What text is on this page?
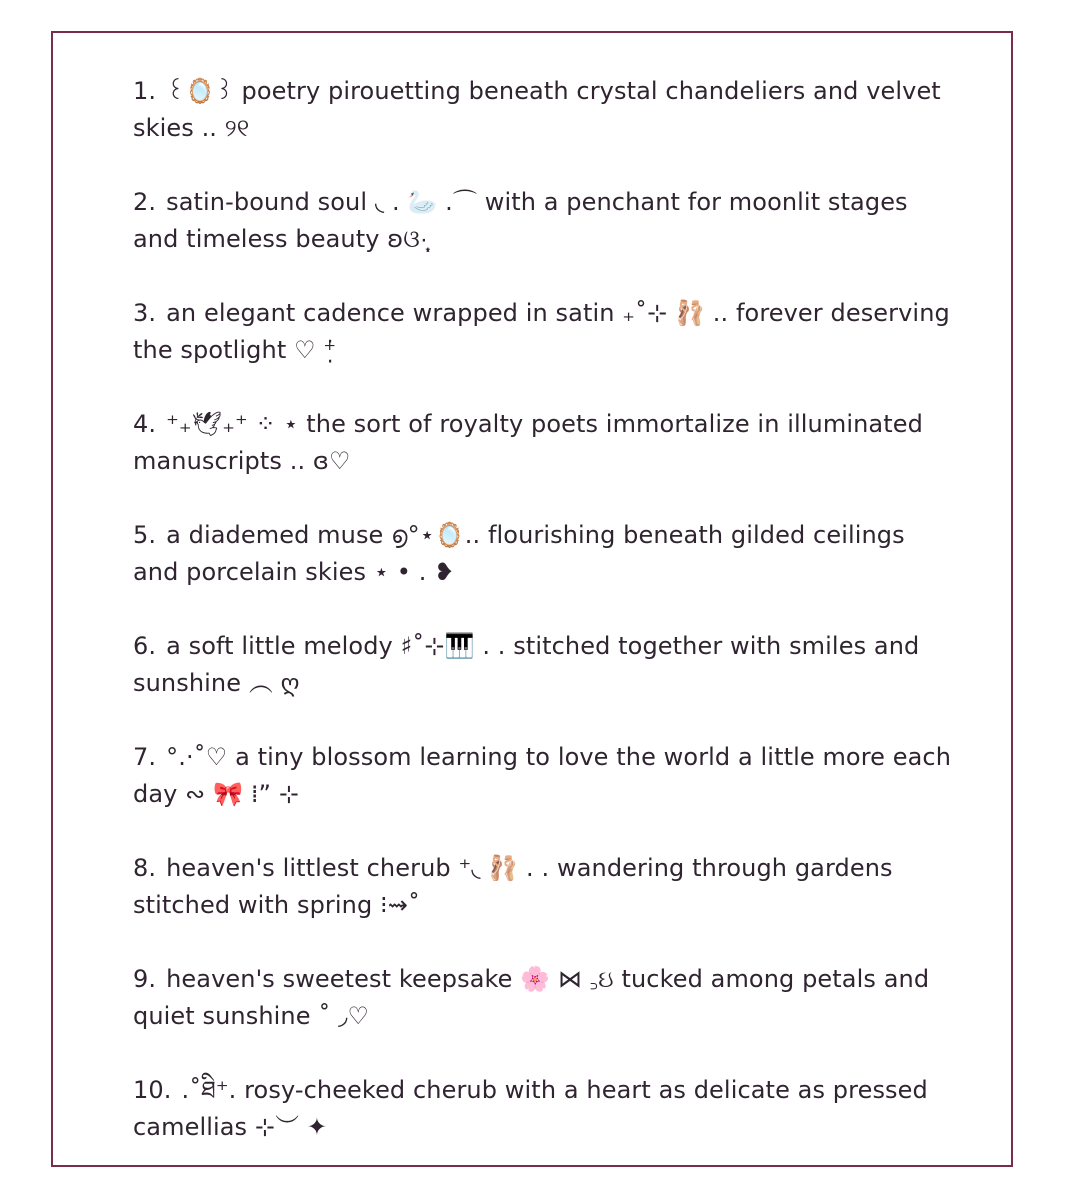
1. ꒰🪞꒱ poetry pirouetting beneath crystal chandeliers and velvet skies .. ୨୧
2. satin-bound soul ◟ . 🦢 .⌒ with a penchant for moonlit stages and timeless beauty ʚଓ·̩͙
3. an elegant cadence wrapped in satin ₊˚⊹ 🩰 .. forever deserving the spotlight ♡ ⁺̣̇
4. ⁺₊🕊₊⁺ ⁘ ⋆ the sort of royalty poets immortalize in illuminated manuscripts .. ɞ♡
5. a diademed muse ൭°⋆🪞.. flourishing beneath gilded ceilings and porcelain skies ⋆ • . ❥
6. a soft little melody ♯˚⊹🎹 . . stitched together with smiles and sunshine ︵ ღ
7. °.⋅˚♡ a tiny blossom learning to love the world a little more each day ∾ 🎀 ⁞” ⊹
8. heaven's littlest cherub ⁺◟ 🩰 . . wandering through gardens stitched with spring ⁝⇝˚
9. heaven's sweetest keepsake 🌸 ⋈ ꜆ઇ tucked among petals and quiet sunshine ˚ ◞♡
10. .˚ཐི⁺. rosy-cheeked cherub with a heart as delicate as pressed camellias ⊹︶ ✦
